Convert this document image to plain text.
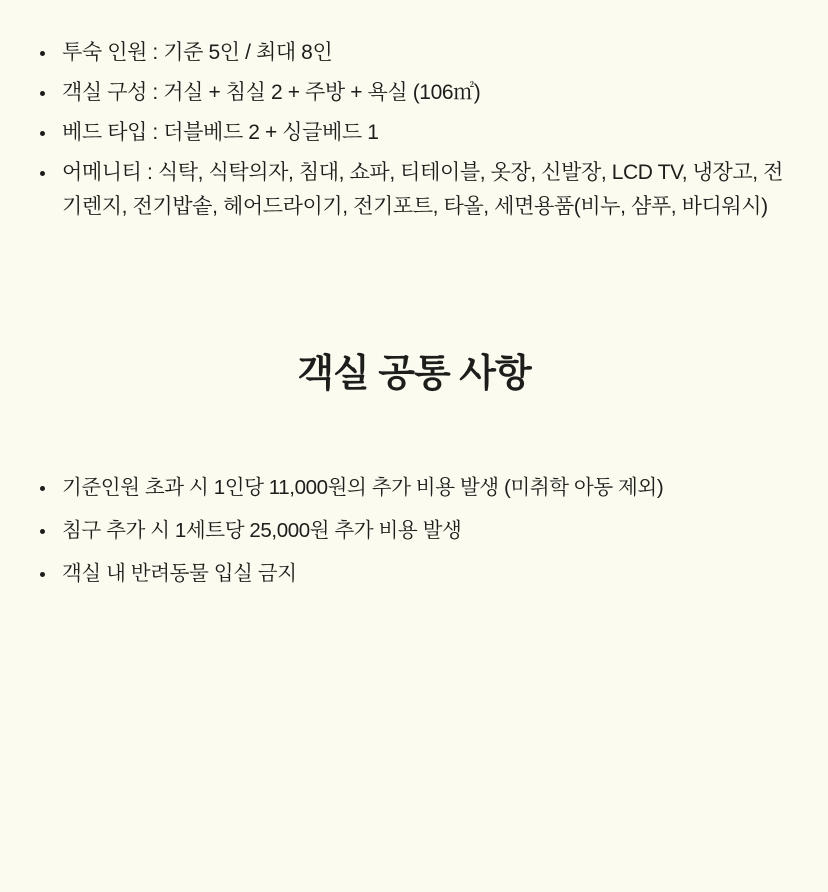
투숙 인원 : 기준 5인 / 최대 8인
객실 구성 : 거실 + 침실 2 + 주방 + 욕실 (106㎡)
베드 타입 : 더블베드 2 + 싱글베드 1
어메니티 : 식탁, 식탁의자, 침대, 쇼파, 티테이블, 옷장, 신발장, LCD TV, 냉장고, 전기렌지, 전기밥솥, 헤어드라이기, 전기포트, 타올, 세면용품(비누, 샴푸, 바디워시)
객실 공통 사항
기준인원 초과 시 1인당 11,000원의 추가 비용 발생 (미취학 아동 제외)
침구 추가 시 1세트당 25,000원 추가 비용 발생
객실 내 반려동물 입실 금지
